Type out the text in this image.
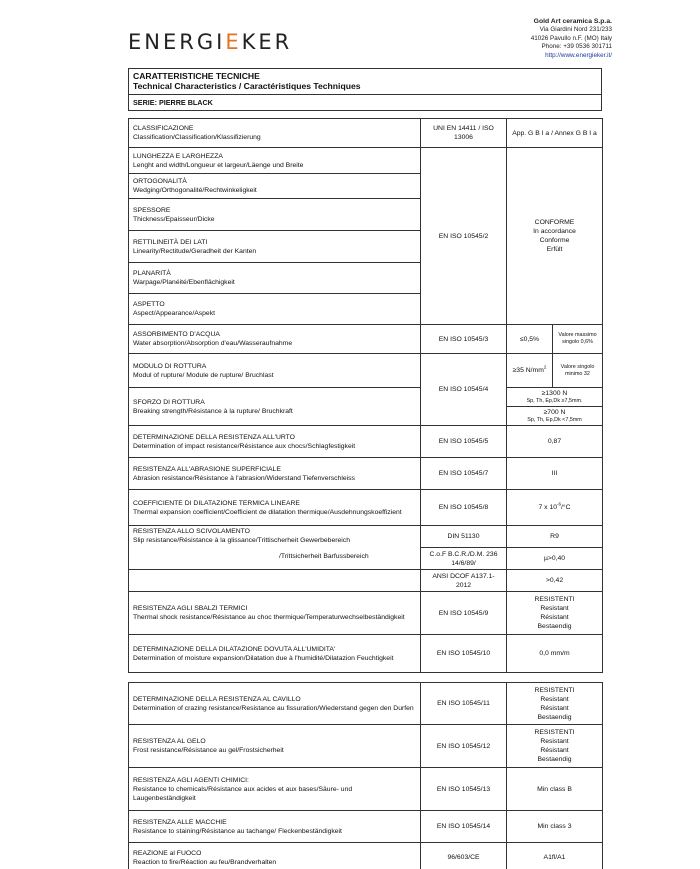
ENERGIEKER
Gold Art ceramica S.p.a.
Via Giardini Nord 231/233
41026 Pavullo n.F. (MO) Italy
Phone: +39 0536 301711
http://www.energieker.it/
CARATTERISTICHE TECNICHE
Technical Characteristics / Caractéristiques Techniques
SERIE: PIERRE BLACK
CLASSIFICAZIONE
Classification/Classification/Klassifizierung	UNI EN 14411 / ISO 13006	App. G B I a / Annex G B I a	

LUNGHEZZA E LARGHEZZA
Lenght and width/Longueur et largeur/Läenge und Breite	EN ISO 10545/2	CONFORME
In accordance
Conforme
Erfült	

ORTOGONALITÀ
Wedging/Orthogonalité/Rechtwinkeligkeit			

SPESSORE
Thickness/Epaisseur/Dicke			

RETTILINEITÀ DEI LATI
Linearity/Rectitude/Geradheit der Kanten			

PLANARITÀ
Warpage/Planéité/Ebenflächigkeit			

ASPETTO
Aspect/Appearance/Aspekt			

ASSORBIMENTO D'ACQUA
Water absorption/Absorption d'eau/Wasseraufnahme	EN ISO 10545/3	≤0,5%	Valore massimo singolo 0,6%

MODULO DI ROTTURA
Modul of rupture/ Module de rupture/ Bruchlast	EN ISO 10545/4	≥35 $N/mm^2$	Valore singolo minimo 32

SFORZO DI ROTTURA
Breaking strength/Résistance à la rupture/ Bruchkraft		≥1300 N
Sp, Th, Ep,Dk ≥7,5mm.	

		≥700 N
Sp, Th, Ep,Dk <7,5mm	

DETERMINAZIONE DELLA RESISTENZA ALL'URTO
Determination of impact resistance/Résistance aux chocs/Schlagfestigkeit	EN ISO 10545/5	0,87	

RESISTENZA ALL'ABRASIONE SUPERFICIALE
Abrasion resistance/Résistance à l'abrasion/Widerstand Tiefenverschleiss	EN ISO 10545/7	III	

COEFFICIENTE DI DILATAZIONE TERMICA LINEARE
Thermal expansion coefficient/Coefficient de dilatation thermique/Ausdehnungskoeffizient	EN ISO 10545/8	7 x $10^{-6}/^\circ C$	

RESISTENZA ALLO SCIVOLAMENTO
Slip resistance/Résistance à la glissance/Trittischerheit Gewerbebereich
/Trittsicherheit Barfussbereich	DIN 51130	R9	
	C.o.F B.C.R./D.M. 236 14/6/89/	µ>0,40	
	ANSI DCOF A137.1-2012	>0,42	

RESISTENZA AGLI SBALZI TERMICI
Thermal shock resistance/Résistance au choc thermique/Temperaturwechselbeständigkeit	EN ISO 10545/9	RESISTENTI
Resistant
Résistant
Bestaendig	

DETERMINAZIONE DELLA DILATAZIONE DOVUTA ALL'UMIDITA'
Determination of moisture expansion/Dilatation due à l'humidité/Dilatazion Feuchtigkeit	EN ISO 10545/10	0,0 mm/m	
DETERMINAZIONE DELLA RESISTENZA AL CAVILLO
Determination of crazing resistance/Resistance au fissuration/Wiederstand gegen den Durfen	EN ISO 10545/11	RESISTENTI
Resistant
Résistant
Bestaendig

RESISTENZA AL GELO
Frost resistance/Résistance au gel/Frostsicherheit	EN ISO 10545/12	RESISTENTI
Resistant
Résistant
Bestaendig

RESISTENZA AGLI AGENTI CHIMICI:
Resistance to chemicals/Résistance aux acides et aux bases/Säure- und Laugenbeständigkeit	EN ISO 10545/13	Min class B

RESISTENZA ALLE MACCHIE
Resistance to staining/Résistance au tachange/ Fleckenbeständigkeit	EN ISO 10545/14	Min class 3

REAZIONE al FUOCO
Reaction to fire/Réaction au feu/Brandverhalten	96/603/CE	A1fl/A1
